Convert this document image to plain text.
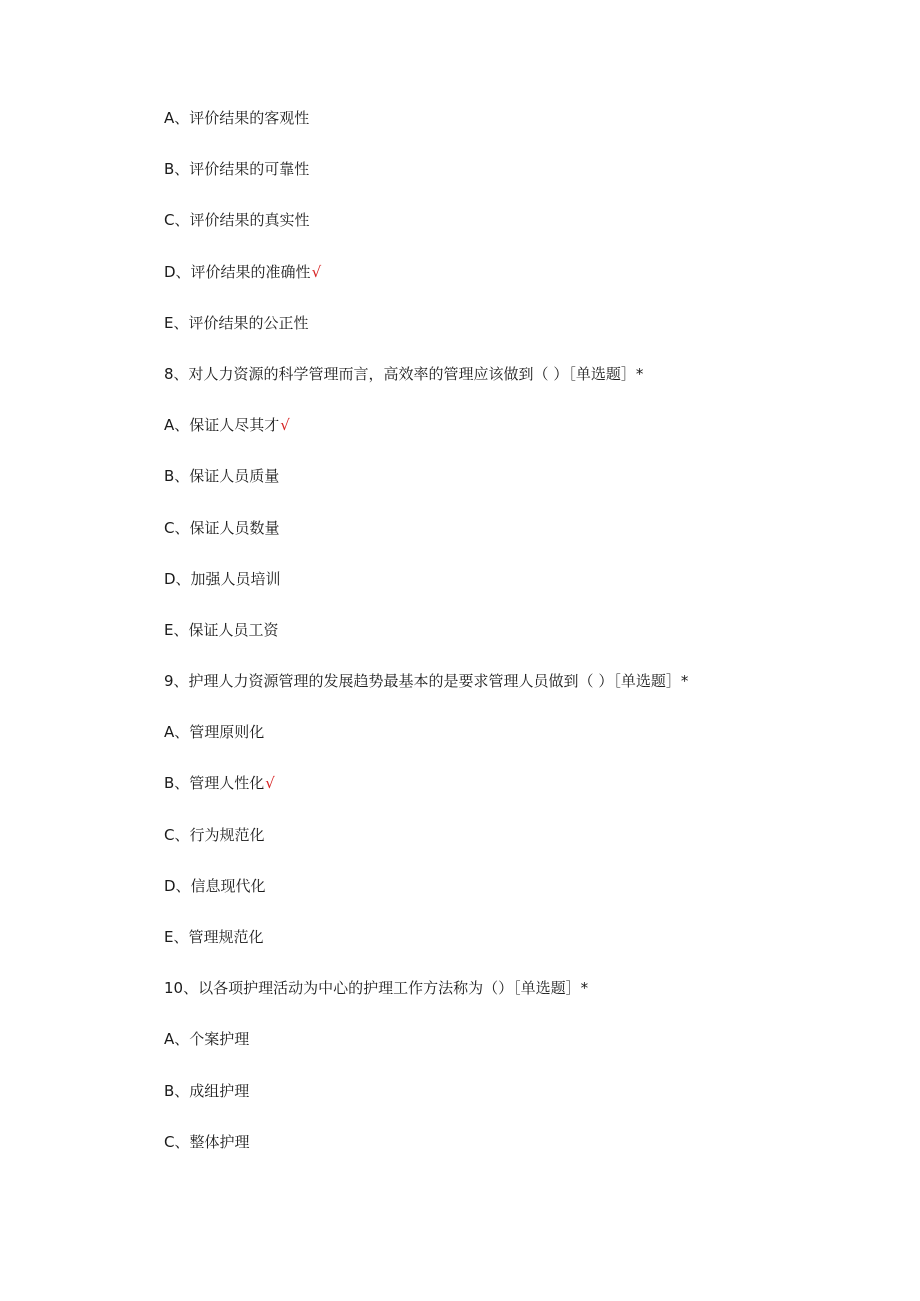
A、评价结果的客观性
B、评价结果的可靠性
C、评价结果的真实性
D、评价结果的准确性√
E、评价结果的公正性
8、对人力资源的科学管理而言，高效率的管理应该做到（ ）［单选题］*
A、保证人尽其才√
B、保证人员质量
C、保证人员数量
D、加强人员培训
E、保证人员工资
9、护理人力资源管理的发展趋势最基本的是要求管理人员做到（ ）［单选题］*
A、管理原则化
B、管理人性化√
C、行为规范化
D、信息现代化
E、管理规范化
10、以各项护理活动为中心的护理工作方法称为（）［单选题］*
A、个案护理
B、成组护理
C、整体护理
